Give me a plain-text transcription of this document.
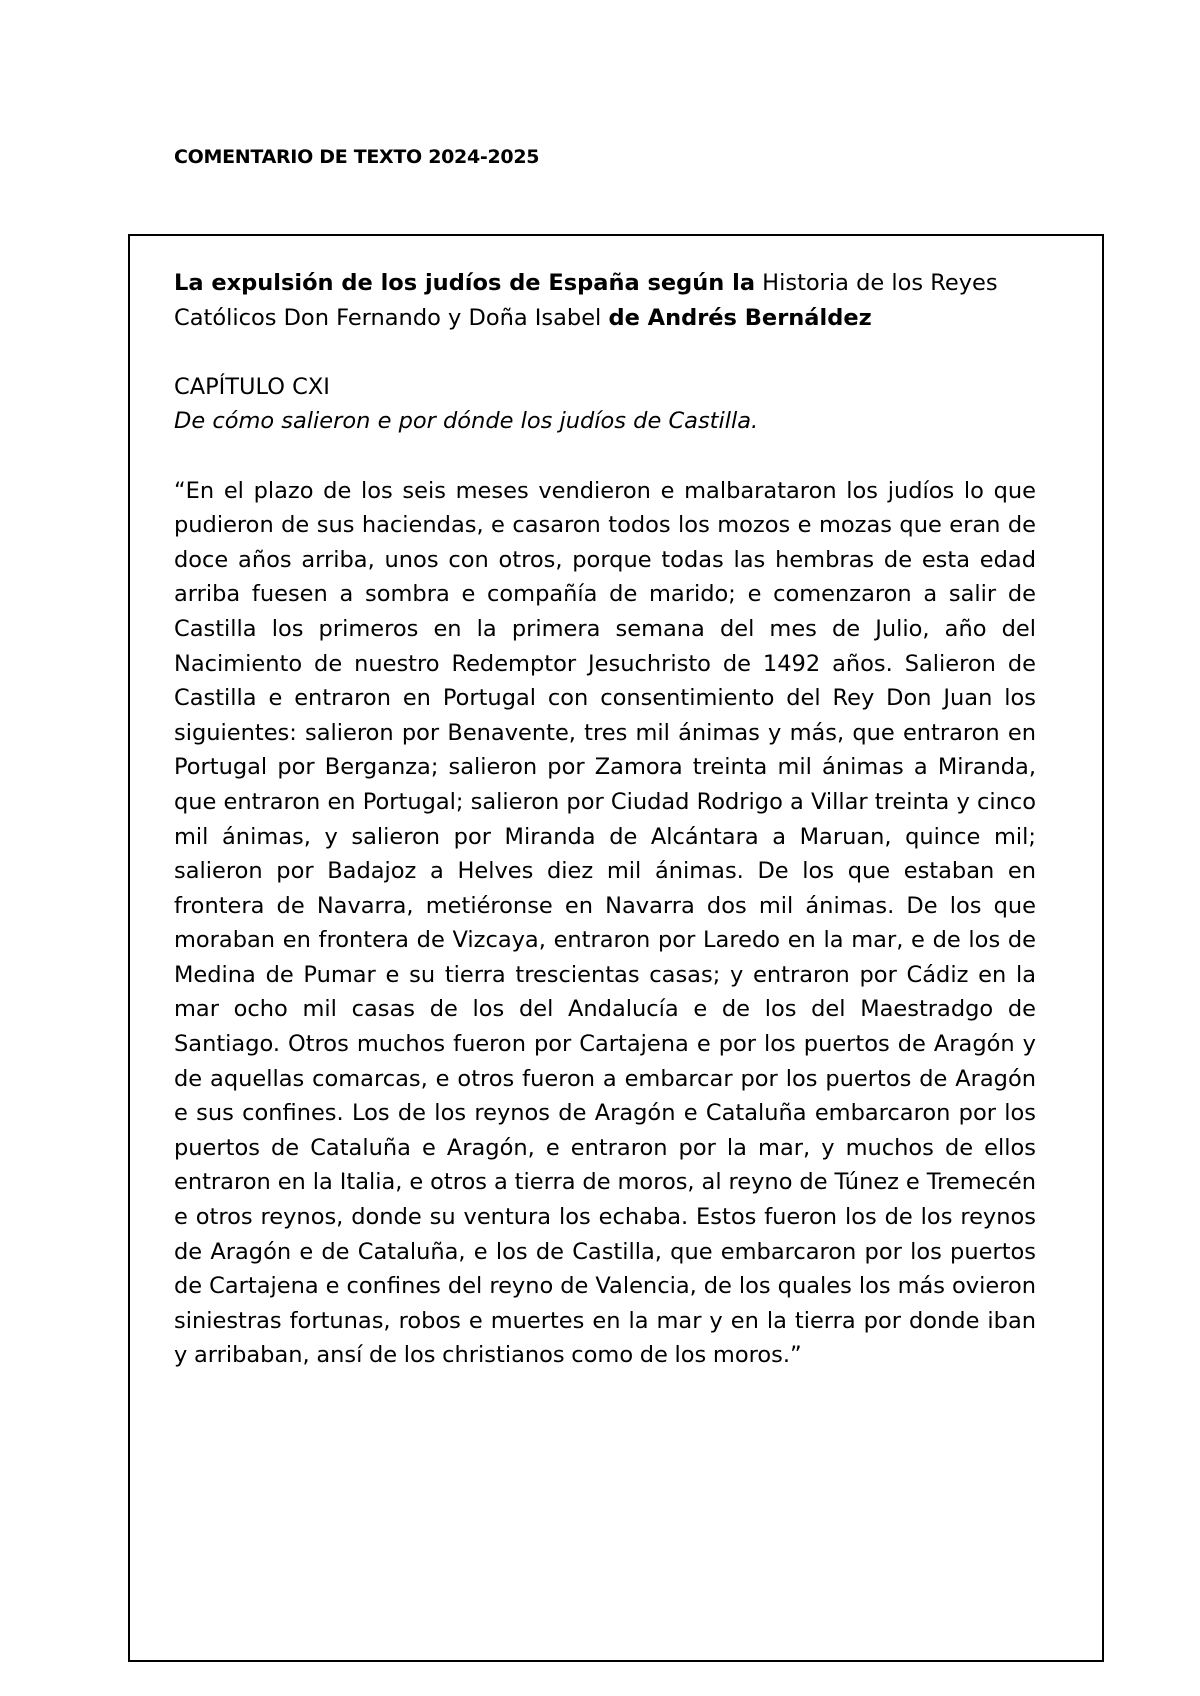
COMENTARIO DE TEXTO 2024-2025

La expulsión de los judíos de España según la Historia de los Reyes Católicos Don Fernando y Doña Isabel de Andrés Bernáldez

CAPÍTULO CXI

De cómo salieron e por dónde los judíos de Castilla.

“En el plazo de los seis meses vendieron e malbarataron los judíos lo que pudieron de sus haciendas, e casaron todos los mozos e mozas que eran de doce años arriba, unos con otros, porque todas las hembras de esta edad arriba fuesen a sombra e compañía de marido; e comenzaron a salir de Castilla los primeros en la primera semana del mes de Julio, año del Nacimiento de nuestro Redemptor Jesuchristo de 1492 años. Salieron de Castilla e entraron en Portugal con consentimiento del Rey Don Juan los siguientes: salieron por Benavente, tres mil ánimas y más, que entraron en Portugal por Berganza; salieron por Zamora treinta mil ánimas a Miranda, que entraron en Portugal; salieron por Ciudad Rodrigo a Villar treinta y cinco mil ánimas, y salieron por Miranda de Alcántara a Maruan, quince mil; salieron por Badajoz a Helves diez mil ánimas. De los que estaban en frontera de Navarra, metiéronse en Navarra dos mil ánimas. De los que moraban en frontera de Vizcaya, entraron por Laredo en la mar, e de los de Medina de Pumar e su tierra trescientas casas; y entraron por Cádiz en la mar ocho mil casas de los del Andalucía e de los del Maestradgo de Santiago. Otros muchos fueron por Cartajena e por los puertos de Aragón y de aquellas comarcas, e otros fueron a embarcar por los puertos de Aragón e sus confines. Los de los reynos de Aragón e Cataluña embarcaron por los puertos de Cataluña e Aragón, e entraron por la mar, y muchos de ellos entraron en la Italia, e otros a tierra de moros, al reyno de Túnez e Tremecén e otros reynos, donde su ventura los echaba. Estos fueron los de los reynos de Aragón e de Cataluña, e los de Castilla, que embarcaron por los puertos de Cartajena e confines del reyno de Valencia, de los quales los más ovieron siniestras fortunas, robos e muertes en la mar y en la tierra por donde iban y arribaban, ansí de los christianos como de los moros.”
